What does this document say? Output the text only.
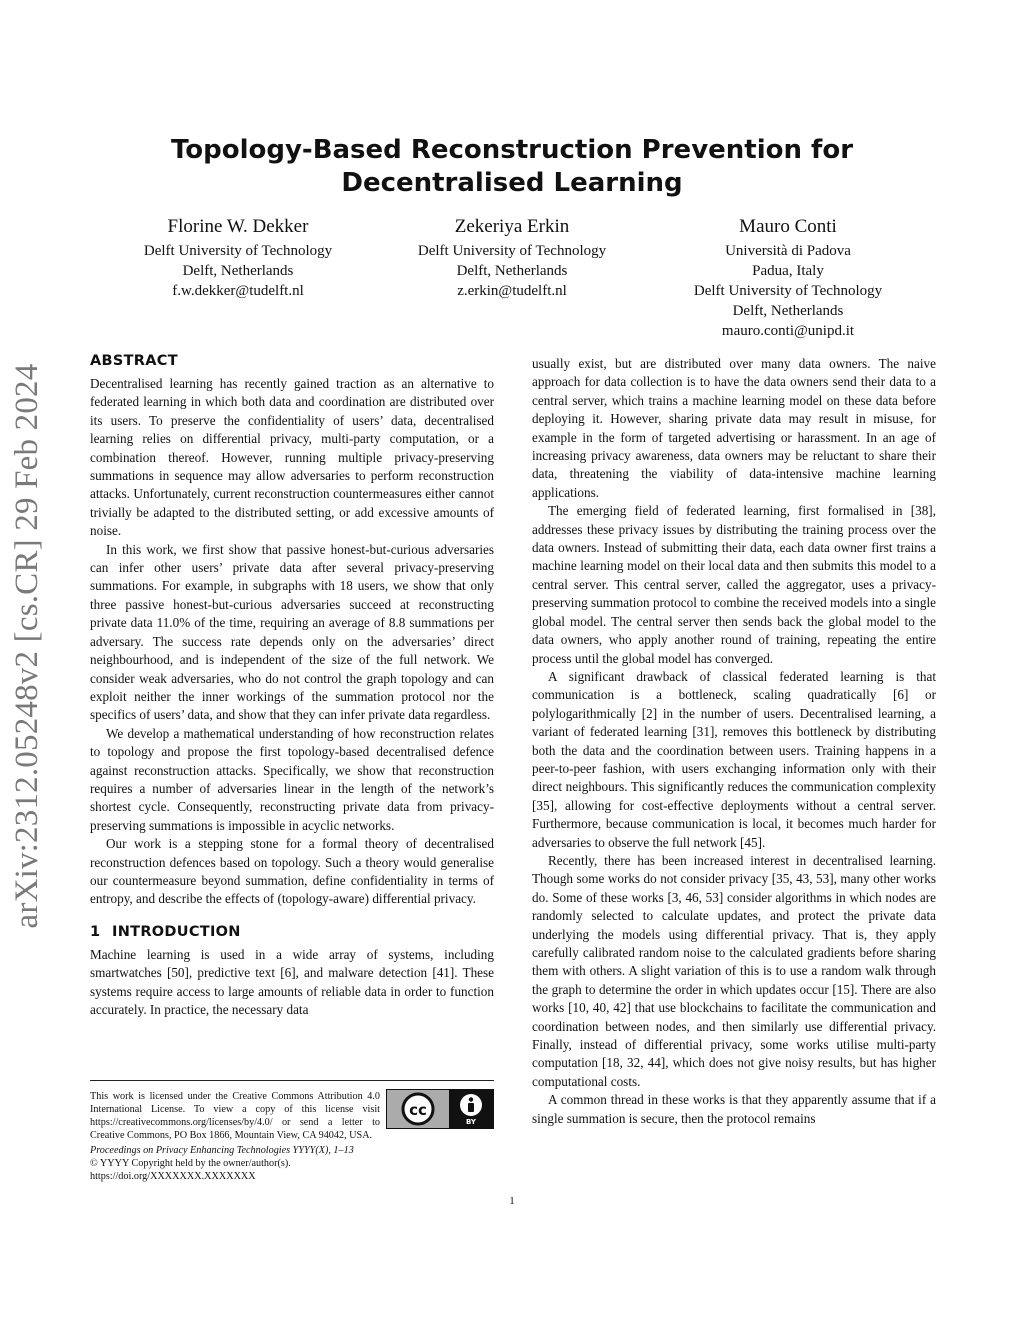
arXiv:2312.05248v2 [cs.CR] 29 Feb 2024
Topology-Based Reconstruction Prevention for
Decentralised Learning
Florine W. Dekker
Delft University of Technology
Delft, Netherlands
f.w.dekker@tudelft.nl
Zekeriya Erkin
Delft University of Technology
Delft, Netherlands
z.erkin@tudelft.nl
Mauro Conti
Università di Padova
Padua, Italy
Delft University of Technology
Delft, Netherlands
mauro.conti@unipd.it
ABSTRACT

Decentralised learning has recently gained traction as an alternative to federated learning in which both data and coordination are distributed over its users. To preserve the confidentiality of users’ data, decentralised learning relies on differential privacy, multi-party computation, or a combination thereof. However, running multiple privacy-preserving summations in sequence may allow adversaries to perform reconstruction attacks. Unfortunately, current reconstruction countermeasures either cannot trivially be adapted to the distributed setting, or add excessive amounts of noise.

In this work, we first show that passive honest-but-curious adversaries can infer other users’ private data after several privacy-preserving summations. For example, in subgraphs with 18 users, we show that only three passive honest-but-curious adversaries succeed at reconstructing private data 11.0% of the time, requiring an average of 8.8 summations per adversary. The success rate depends only on the adversaries’ direct neighbourhood, and is independent of the size of the full network. We consider weak adversaries, who do not control the graph topology and can exploit neither the inner workings of the summation protocol nor the specifics of users’ data, and show that they can infer private data regardless.

We develop a mathematical understanding of how reconstruction relates to topology and propose the first topology-based decentralised defence against reconstruction attacks. Specifically, we show that reconstruction requires a number of adversaries linear in the length of the network’s shortest cycle. Consequently, reconstructing private data from privacy-preserving summations is impossible in acyclic networks.

Our work is a stepping stone for a formal theory of decentralised reconstruction defences based on topology. Such a theory would generalise our countermeasure beyond summation, define confidentiality in terms of entropy, and describe the effects of (topology-aware) differential privacy.

1 INTRODUCTION

Machine learning is used in a wide array of systems, including smartwatches [50], predictive text [6], and malware detection [41]. These systems require access to large amounts of reliable data in order to function accurately. In practice, the necessary data

This work is licensed under the Creative Commons Attribution 4.0 International License. To view a copy of this license visit https://creativecommons.org/licenses/by/4.0/ or send a letter to Creative Commons, PO Box 1866, Mountain View, CA 94042, USA.
cc
BY
Proceedings on Privacy Enhancing Technologies YYYY(X), 1–13
© YYYY Copyright held by the owner/author(s).
https://doi.org/XXXXXXX.XXXXXXX

usually exist, but are distributed over many data owners. The naive approach for data collection is to have the data owners send their data to a central server, which trains a machine learning model on these data before deploying it. However, sharing private data may result in misuse, for example in the form of targeted advertising or harassment. In an age of increasing privacy awareness, data owners may be reluctant to share their data, threatening the viability of data-intensive machine learning applications.

The emerging field of federated learning, first formalised in [38], addresses these privacy issues by distributing the training process over the data owners. Instead of submitting their data, each data owner first trains a machine learning model on their local data and then submits this model to a central server. This central server, called the aggregator, uses a privacy-preserving summation protocol to combine the received models into a single global model. The central server then sends back the global model to the data owners, who apply another round of training, repeating the entire process until the global model has converged.

A significant drawback of classical federated learning is that communication is a bottleneck, scaling quadratically [6] or polylogarithmically [2] in the number of users. Decentralised learning, a variant of federated learning [31], removes this bottleneck by distributing both the data and the coordination between users. Training happens in a peer-to-peer fashion, with users exchanging information only with their direct neighbours. This significantly reduces the communication complexity [35], allowing for cost-effective deployments without a central server. Furthermore, because communication is local, it becomes much harder for adversaries to observe the full network [45].

Recently, there has been increased interest in decentralised learning. Though some works do not consider privacy [35, 43, 53], many other works do. Some of these works [3, 46, 53] consider algorithms in which nodes are randomly selected to calculate updates, and protect the private data underlying the models using differential privacy. That is, they apply carefully calibrated random noise to the calculated gradients before sharing them with others. A slight variation of this is to use a random walk through the graph to determine the order in which updates occur [15]. There are also works [10, 40, 42] that use blockchains to facilitate the communication and coordination between nodes, and then similarly use differential privacy. Finally, instead of differential privacy, some works utilise multi-party computation [18, 32, 44], which does not give noisy results, but has higher computational costs.

A common thread in these works is that they apparently assume that if a single summation is secure, then the protocol remains

1
